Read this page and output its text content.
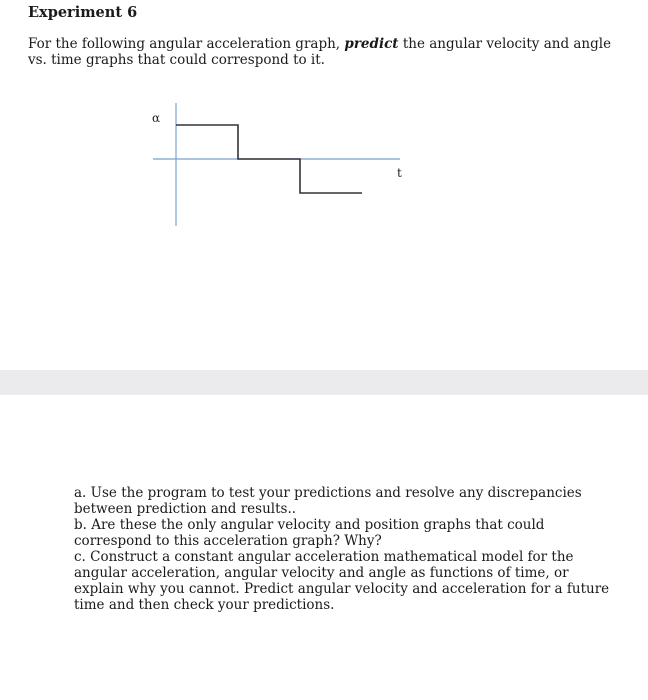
Experiment 6
For the following angular acceleration graph, predict the angular velocity and angle vs. time graphs that could correspond to it.
α
t

a. Use the program to test your predictions and resolve any discrepancies between prediction and results..

b. Are these the only angular velocity and position graphs that could correspond to this acceleration graph? Why?

c. Construct a constant angular acceleration mathematical model for the angular acceleration, angular velocity and angle as functions of time, or explain why you cannot. Predict angular velocity and acceleration for a future time and then check your predictions.
